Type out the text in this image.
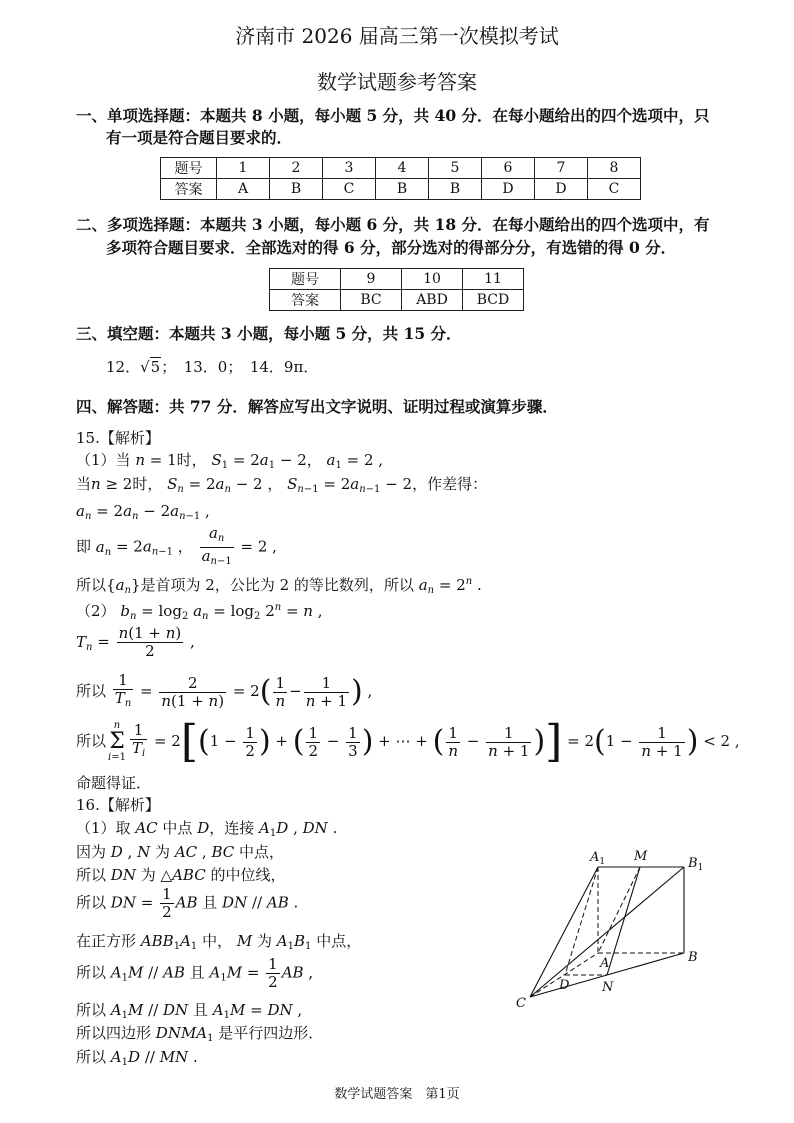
济南市 2026 届高三第一次模拟考试
数学试题参考答案
一、单项选择题：本题共 8 小题，每小题 5 分，共 40 分．在每小题给出的四个选项中，只
有一项是符合题目要求的．
题号	1	2	3	4	5	6	7	8
答案	A	B	C	B	B	D	D	C
二、多项选择题：本题共 3 小题，每小题 6 分，共 18 分．在每小题给出的四个选项中，有
多项符合题目要求．全部选对的得 6 分，部分选对的得部分分，有选错的得 0 分．
题号	9	10	11
答案	BC	ABD	BCD
三、填空题：本题共 3 小题，每小题 5 分，共 15 分．
12．√5；　13．0；　14．9π．
四、解答题：共 77 分．解答应写出文字说明、证明过程或演算步骤．
15.【解析】
（1）当 n = 1时， $S_1 = 2a_1 - 2$， $a_1 = 2$ ,
当n ≥ 2时， $S_n = 2a_n - 2$ ， $S_{n-1} = 2a_{n-1} - 2$，作差得：
$a_n = 2a_n - 2a_{n-1}$ ,
即 $a_n = 2a_{n-1}$ ， $\frac{a_n}{a_{n-1}} = 2$ ,
所以$\{a_n\}$是首项为 2，公比为 2 的等比数列，所以 $a_n = 2^n$ .
（2） $b_n = \log_2 a_n = \log_2 2^n = n$ ,
$T_n = \frac{n(1 + n)}{2}$ ,
所以 $\frac{1}{T_n} = \frac{2}{n(1 + n)} = 2( \frac{1}{n} - \frac{1}{n + 1}$ ) ,
所以n
Σ
$i=1 \frac{1}{T_i} = 2[(1 - \frac{1}{2}$ ) + ( $\frac{1}{2} - \frac{1}{3}$ ) + ⋯ + ( $\frac{1}{n} - \frac{1}{n + 1}$ )] = $2(1 - \frac{1}{n + 1}$ ) < 2 ,
命题得证．
16.【解析】
（1）取 AC 中点 D，连接 $A_1D$ , DN .
因为 D , N 为 AC , BC 中点，
所以 DN 为 △ABC 的中位线，
所以 DN = $\frac{1}{2}$ AB 且 DN // AB .
在正方形 $ABB_1A_1$ 中， M 为 $A_1B_1$ 中点，
所以 $A_1M$ // AB 且 $A_1M = \frac{1}{2}$ AB ,
所以 $A_1M$ // DN 且 $A_1M$ = DN ,
所以四边形 $DNMA_1$ 是平行四边形．
所以 $A_1D$ // MN .
$A_1$ M	$B_1$
A	B
C
D	N
数学试题答案　第1页
